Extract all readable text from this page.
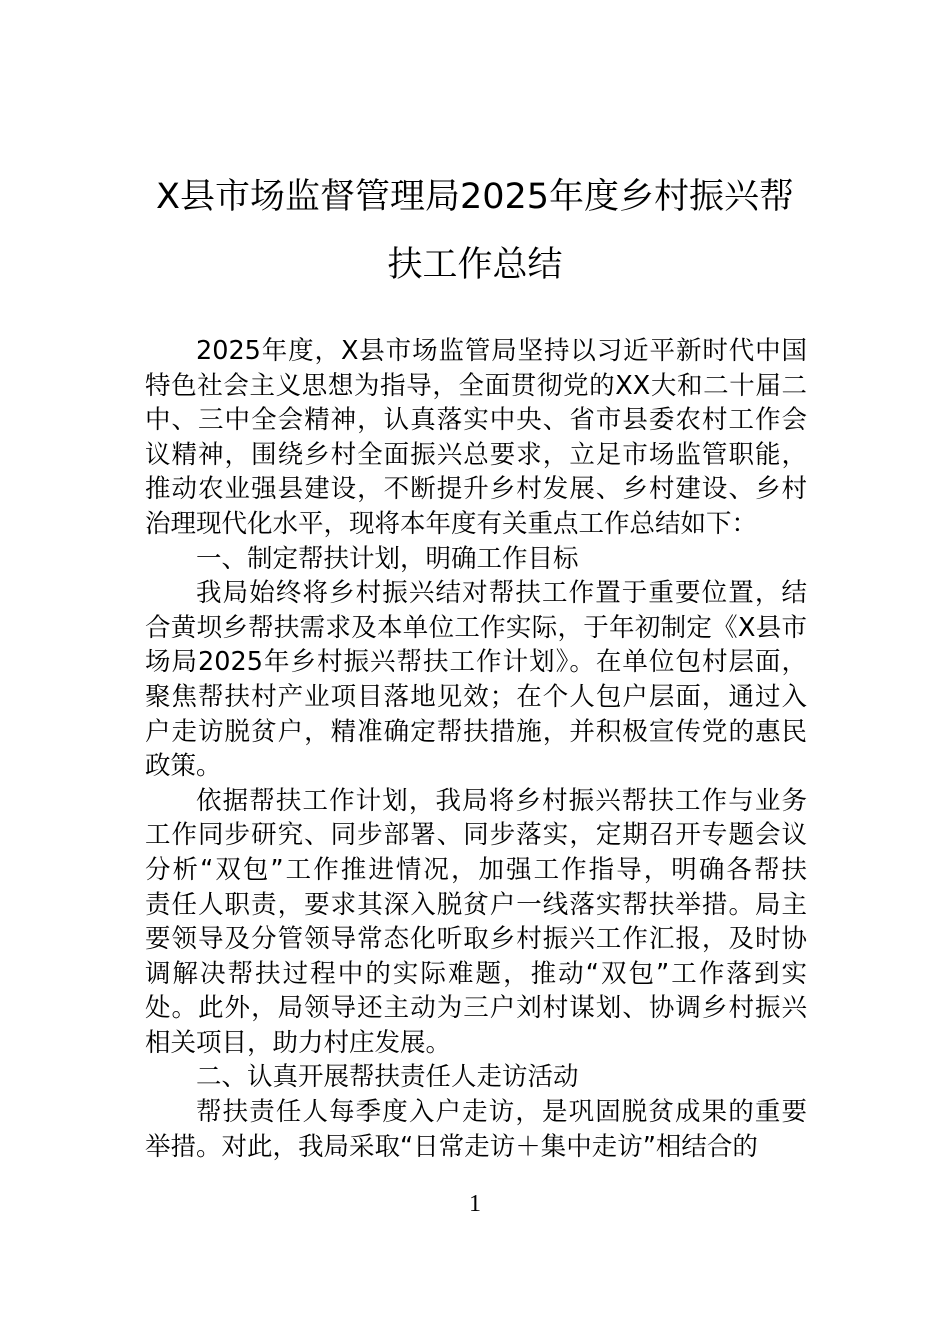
X县市场监督管理局2025年度乡村振兴帮
扶工作总结
2025年度，X县市场监管局坚持以习近平新时代中国
特色社会主义思想为指导，全面贯彻党的XX大和二十届二
中、三中全会精神，认真落实中央、省市县委农村工作会
议精神，围绕乡村全面振兴总要求，立足市场监管职能，
推动农业强县建设，不断提升乡村发展、乡村建设、乡村
治理现代化水平，现将本年度有关重点工作总结如下：
一、制定帮扶计划，明确工作目标
我局始终将乡村振兴结对帮扶工作置于重要位置，结
合黄坝乡帮扶需求及本单位工作实际，于年初制定《X县市
场局2025年乡村振兴帮扶工作计划》。在单位包村层面，
聚焦帮扶村产业项目落地见效；在个人包户层面，通过入
户走访脱贫户，精准确定帮扶措施，并积极宣传党的惠民
政策。
依据帮扶工作计划，我局将乡村振兴帮扶工作与业务
工作同步研究、同步部署、同步落实，定期召开专题会议
分析“双包”工作推进情况，加强工作指导，明确各帮扶
责任人职责，要求其深入脱贫户一线落实帮扶举措。局主
要领导及分管领导常态化听取乡村振兴工作汇报，及时协
调解决帮扶过程中的实际难题，推动“双包”工作落到实
处。此外，局领导还主动为三户刘村谋划、协调乡村振兴
相关项目，助力村庄发展。
二、认真开展帮扶责任人走访活动
帮扶责任人每季度入户走访，是巩固脱贫成果的重要
举措。对此，我局采取“日常走访＋集中走访”相结合的
1
